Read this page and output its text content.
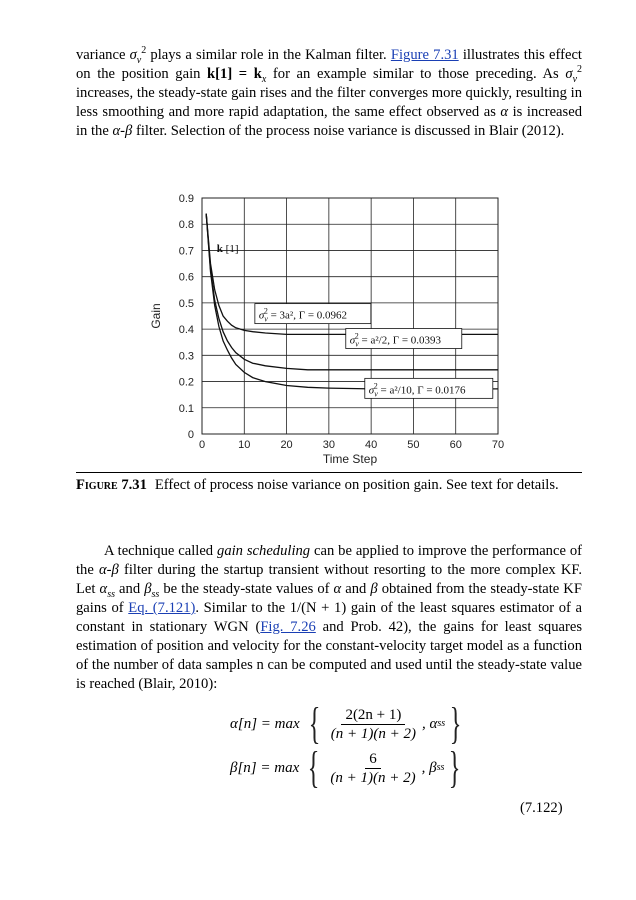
variance $\sigma_v^2$ plays a similar role in the Kalman filter. Figure 7.31 illustrates this effect on the position gain $k[1] = k_x$ for an example similar to those preceding. As $\sigma_v^2$ increases, the steady-state gain rises and the filter converges more quickly, resulting in less smoothing and more rapid adaptation, the same effect observed as α is increased in the α-β filter. Selection of the process noise variance is discussed in Blair (2012).
0	10	20	30	40	50	60	70
0
0.1
0.2
0.3
0.4
0.5
0.6
0.7
0.8
0.9
Time Step
Gain
k [1]
$\sigma_v2 = 3a^2$, Γ = 0.0962
$\sigma_v2 = a^2/2$, Γ = 0.0393
$\sigma_v2 = a^2/10$, Γ = 0.0176
Figure 7.31 Effect of process noise variance on position gain. See text for details.
A technique called gain scheduling can be applied to improve the performance of the α-β filter during the startup transient without resorting to the more complex KF. Let $\alpha_{ss}$ and $\beta_{ss}$ be the steady-state values of α and β obtained from the steady-state KF gains of Eq. (7.121). Similar to the 1/(N + 1) gain of the least squares estimator of a constant in stationary WGN (Fig. 7.26 and Prob. 42), the gains for least squares estimation of position and velocity for the constant-velocity target model as a function of the number of data samples n can be computed and used until the steady-state value is reached (Blair, 2010):
α[n] = max { $\frac{2(2n + 1)}{(n + 1)(n + 2)}$ , α ss }
β[n] = max { $\frac{6}{(n + 1)(n + 2)}$ , β ss }
(7.122)
